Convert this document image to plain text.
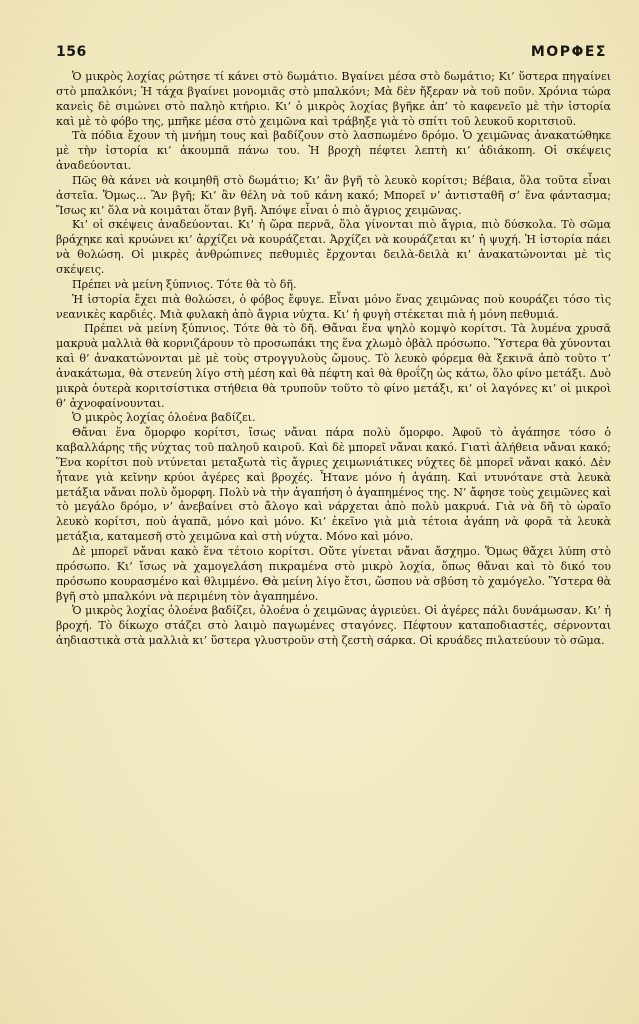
156	ΜΟΡΦΕΣ

Ὁ μικρὸς λοχίας ρώτησε τί κάνει στὸ δωμάτιο. Βγαίνει μέσα στὸ δωμάτιο; Κι’ ὕστερα πηγαίνει στὸ μπαλκόνι; Ἡ τάχα βγαίνει μονομιᾶς στὸ μπαλκόνι; Μὰ δὲν ἤξεραν νὰ τοῦ ποῦν. Χρόνια τώρα κανεὶς δὲ σιμώνει στὸ παληὸ κτήριο. Κι’ ὁ μικρὸς λοχίας βγῆκε ἀπ’ τὸ καφενεῖο μὲ τὴν ἱστορία καὶ μὲ τὸ φόβο της, μπῆκε μέσα στὸ χειμῶνα καὶ τράβηξε γιὰ τὸ σπίτι τοῦ λευκοῦ κοριτσιοῦ.

Τὰ πόδια ἔχουν τὴ μνήμη τους καὶ βαδίζουν στὸ λασπωμένο δρόμο. Ὁ χειμῶνας ἀνακατώθηκε μὲ τὴν ἱστορία κι’ ἀκουμπᾶ πάνω του. Ἡ βροχὴ πέφτει λεπτὴ κι’ ἀδιάκοπη. Οἱ σκέψεις ἀναδεύονται.

Πῶς θὰ κάνει νὰ κοιμηθῆ στὸ δωμάτιο; Κι’ ἂν βγῆ τὸ λευκὸ κορίτσι; Βέβαια, ὅλα τοῦτα εἶναι ἀστεῖα. Ὅμως... Ἂν βγῆ; Κι’ ἂν θέλη νὰ τοῦ κάνη κακό; Μπορεῖ ν’ ἀντισταθῆ σ’ ἕνα φάντασμα; Ἴσως κι’ ὅλα νὰ κοιμᾶται ὅταν βγῆ. Ἀπόψε εἶναι ὁ πιὸ ἄγριος χειμῶνας.

Κι’ οἱ σκέψεις ἀναδεύονται. Κι’ ἡ ὥρα περνᾶ, ὅλα γίνονται πιὸ ἄγρια, πιὸ δύσκολα. Τὸ σῶμα βράχηκε καὶ κρυώνει κι’ ἀρχίζει νὰ κουράζεται. Ἀρχίζει νὰ κουράζεται κι’ ἡ ψυχή. Ἡ ἱστορία πάει νὰ θολώση. Οἱ μικρὲς ἀνθρώπινες πεθυμιὲς ἔρχονται δειλὰ-δειλὰ κι’ ἀνακατώνονται μὲ τὶς σκέψεις.

Πρέπει νὰ μείνη ξύπνιος. Τότε θὰ τὸ δῆ.

Ἡ ἱστορία ἔχει πιὰ θολώσει, ὁ φόβος ἔφυγε. Εἶναι μόνο ἕνας χειμῶνας ποὺ κουράζει τόσο τὶς νεανικὲς καρδιές. Μιὰ φυλακὴ ἀπὸ ἄγρια νύχτα. Κι’ ἡ φυγὴ στέκεται πιὰ ἡ μόνη πεθυμιά.

Πρέπει νὰ μείνη ξύπνιος. Τότε θὰ τὸ δῆ. Θἄναι ἕνα ψηλὸ κομψὸ κορίτσι. Τὰ λυμένα χρυσᾶ μακρυὰ μαλλιὰ θὰ κορνιζάρουν τὸ προσωπάκι της ἕνα χλωμὸ ὀβὰλ πρόσωπο. Ὕστερα θὰ χύνονται καὶ θ’ ἀνακατώνονται μὲ μὲ τοὺς στρογγυλοὺς ὤμους. Τὸ λευκὸ φόρεμα θὰ ξεκινᾶ ἀπὸ τοῦτο τ’ ἀνακάτωμα, θὰ στενεύη λίγο στὴ μέση καὶ θὰ πέφτη καὶ θὰ θροΐζη ὡς κάτω, ὅλο φίνο μετάξι. Δυὸ μικρὰ ὀυτερὰ κοριτσίστικα στήθεια θὰ τρυποῦν τοῦτο τὸ φίνο μετάξι, κι’ οἱ λαγόνες κι’ οἱ μικροὶ θ’ ἀχνοφαίνουνται.

Ὁ μικρὸς λοχίας ὁλοένα βαδίζει.

Θἄναι ἕνα ὄμορφο κορίτσι, ἴσως νἄναι πάρα πολὺ ὄμορφο. Ἀφοῦ τὸ ἀγάπησε τόσο ὁ καβαλλάρης τῆς νύχτας τοῦ παληοῦ καιροῦ. Καὶ δὲ μπορεῖ νἄναι κακό. Γιατὶ ἀλήθεια νἄναι κακό; Ἕνα κορίτσι ποὺ ντύνεται μεταξωτὰ τὶς ἄγριες χειμωνιάτικες νύχτες δὲ μπορεῖ νἄναι κακό. Δὲν ἦτανε γιὰ κεῖνην κρύοι ἀγέρες καὶ βροχές. Ἦτανε μόνο ἡ ἀγάπη. Καὶ ντυνότανε στὰ λευκὰ μετάξια νἄναι πολὺ ὄμορφη. Πολὺ νὰ τὴν ἀγαπήση ὁ ἀγαπημένος της. Ν’ ἄφησε τοὺς χειμῶνες καὶ τὸ μεγάλο δρόμο, ν’ ἀνεβαίνει στὸ ἄλογο καὶ νάρχεται ἀπὸ πολὺ μακρυά. Γιὰ νὰ δῆ τὸ ὡραῖο λευκὸ κορίτσι, ποὺ ἀγαπᾶ, μόνο καὶ μόνο. Κι’ ἐκεῖνο γιὰ μιὰ τέτοια ἀγάπη νὰ φορᾶ τὰ λευκὰ μετάξια, καταμεσῆ στὸ χειμῶνα καὶ στὴ νύχτα. Μόνο καὶ μόνο.

Δὲ μπορεῖ νἄναι κακὸ ἕνα τέτοιο κορίτσι. Οὔτε γίνεται νἄναι ἄσχημο. Ὅμως θἄχει λύπη στὸ πρόσωπο. Κι’ ἴσως νὰ χαμογελάση πικραμένα στὸ μικρὸ λοχία, ὅπως θἄναι καὶ τὸ δικό του πρόσωπο κουρασμένο καὶ θλιμμένο. Θὰ μείνη λίγο ἔτσι, ὥσπου νὰ σβύση τὸ χαμόγελο. Ὕστερα θὰ βγῆ στὸ μπαλκόνι νὰ περιμένη τὸν ἀγαπημένο.

Ὁ μικρὸς λοχίας ὁλοένα βαδίζει, ὁλοένα ὁ χειμῶνας ἀγριεύει. Οἱ ἀγέρες πάλι δυνάμωσαν. Κι’ ἡ βροχή. Τὸ δίκωχο στάζει στὸ λαιμὸ παγωμένες σταγόνες. Πέφτουν καταποδιαστές, σέρνονται ἀηδιαστικὰ στὰ μαλλιὰ κι’ ὕστερα γλυστροῦν στὴ ζεστὴ σάρκα. Οἱ κρυάδες πιλατεύουν τὸ σῶμα.
